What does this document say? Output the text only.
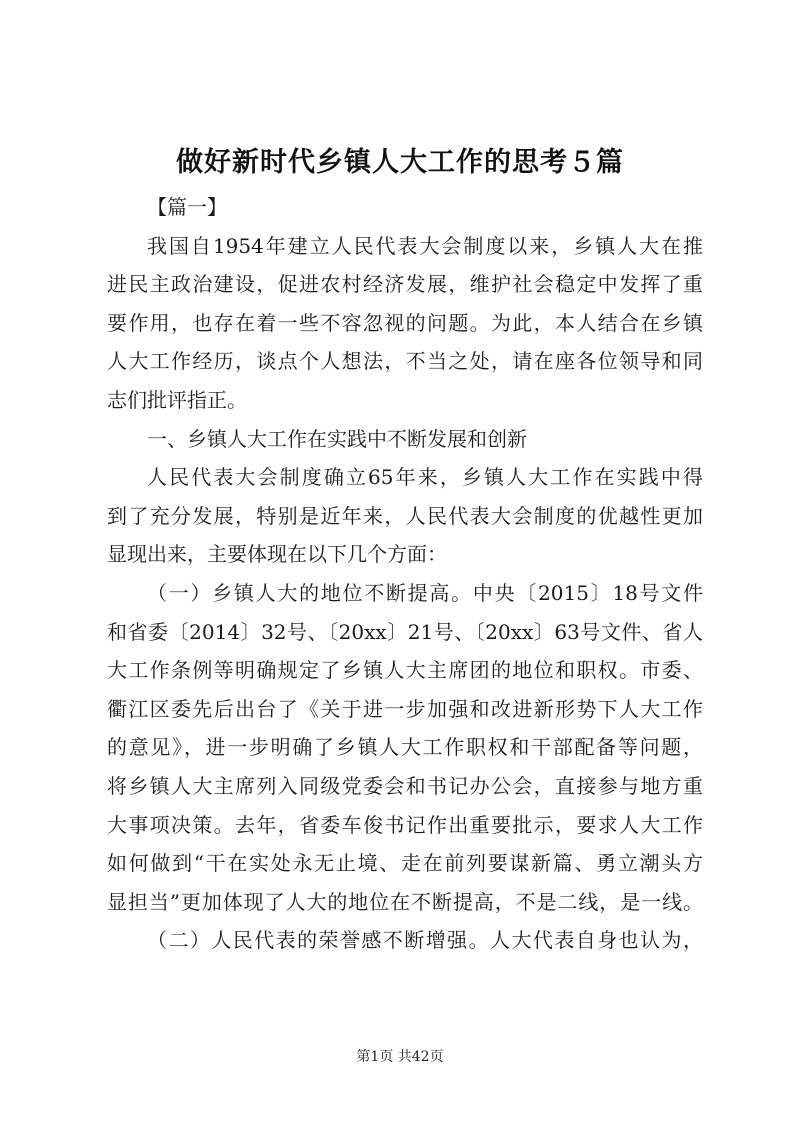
做好新时代乡镇人大工作的思考５篇
【篇一】
我国自1954年建立人民代表大会制度以来，乡镇人大在推
进民主政治建设，促进农村经济发展，维护社会稳定中发挥了重
要作用，也存在着一些不容忽视的问题。为此，本人结合在乡镇
人大工作经历，谈点个人想法，不当之处，请在座各位领导和同
志们批评指正。
一、乡镇人大工作在实践中不断发展和创新
人民代表大会制度确立65年来，乡镇人大工作在实践中得
到了充分发展，特别是近年来，人民代表大会制度的优越性更加
显现出来，主要体现在以下几个方面：
（一）乡镇人大的地位不断提高。中央〔2015〕18号文件
和省委〔2014〕32号、〔20xx〕21号、〔20xx〕63号文件、省人
大工作条例等明确规定了乡镇人大主席团的地位和职权。市委、
衢江区委先后出台了《关于进一步加强和改进新形势下人大工作
的意见》，进一步明确了乡镇人大工作职权和干部配备等问题，
将乡镇人大主席列入同级党委会和书记办公会，直接参与地方重
大事项决策。去年，省委车俊书记作出重要批示，要求人大工作
如何做到“干在实处永无止境、走在前列要谋新篇、勇立潮头方
显担当”更加体现了人大的地位在不断提高，不是二线，是一线。
（二）人民代表的荣誉感不断增强。人大代表自身也认为，
第1页 共42页
